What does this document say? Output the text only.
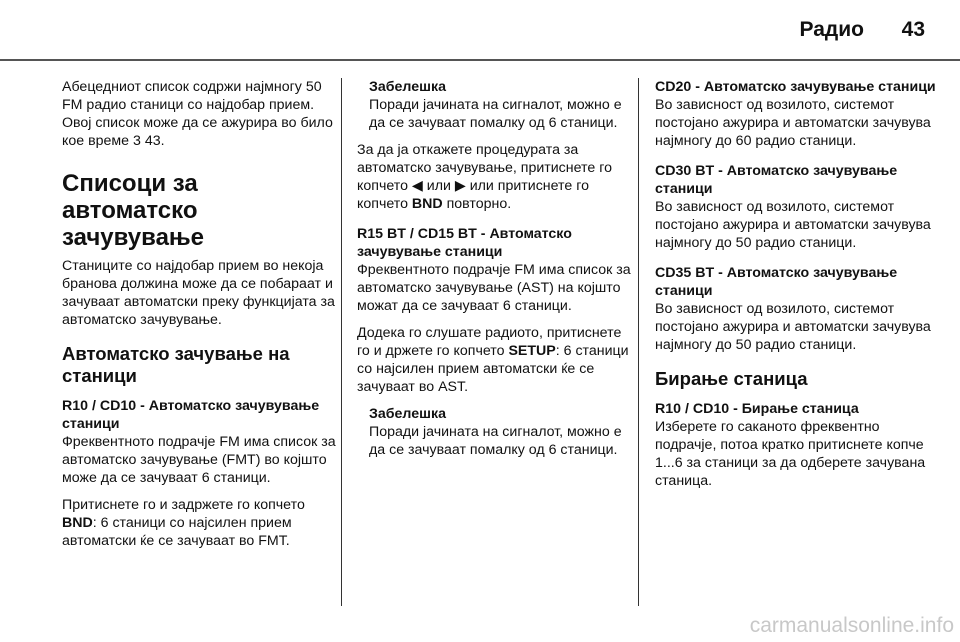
Радио	43

Абецедниот список содржи најмногу 50 FM радио станици со најдобар прием. Овој список може да се ажурира во било кое време 3 43.

Списоци за автоматско зачувување

Станиците со најдобар прием во некоја бранова должина може да се побараат и зачуваат автоматски преку функцијата за автоматско зачувување.

Автоматско зачување на станици
R10 / CD10 - Автоматско зачувување станици

Фреквентното подрачје FM има список за автоматско зачувување (FMT) во којшто може да се зачуваат 6 станици.

Притиснете го и задржете го копчето BND: 6 станици со најсилен прием автоматски ќе се зачуваат во FMT.

Забелешка
Поради јачината на сигналот, можно е да се зачуваат помалку од 6 станици.

За да ја откажете процедурата за автоматско зачувување, притиснете го копчето ◀ или ▶ или притиснете го копчето BND повторно.

R15 BT / CD15 BT - Автоматско зачувување станици

Фреквентното подрачје FM има список за автоматско зачувување (AST) на којшто можат да се зачуваат 6 станици.

Додека го слушате радиото, притиснете го и држете го копчето SETUP: 6 станици со најсилен прием автоматски ќе се зачуваат во AST.

Забелешка
Поради јачината на сигналот, можно е да се зачуваат помалку од 6 станици.
CD20 - Автоматско зачувување станици

Во зависност од возилото, системот постојано ажурира и автоматски зачувува најмногу до 60 радио станици.

CD30 BT - Автоматско зачувување станици

Во зависност од возилото, системот постојано ажурира и автоматски зачувува најмногу до 50 радио станици.

CD35 BT - Автоматско зачувување станици

Во зависност од возилото, системот постојано ажурира и автоматски зачувува најмногу до 50 радио станици.

Бирање станица
R10 / CD10 - Бирање станица

Изберете го саканото фреквентно подрачје, потоа кратко притиснете копче 1...6 за станици за да одберете зачувана станица.

carmanualsonline.info
